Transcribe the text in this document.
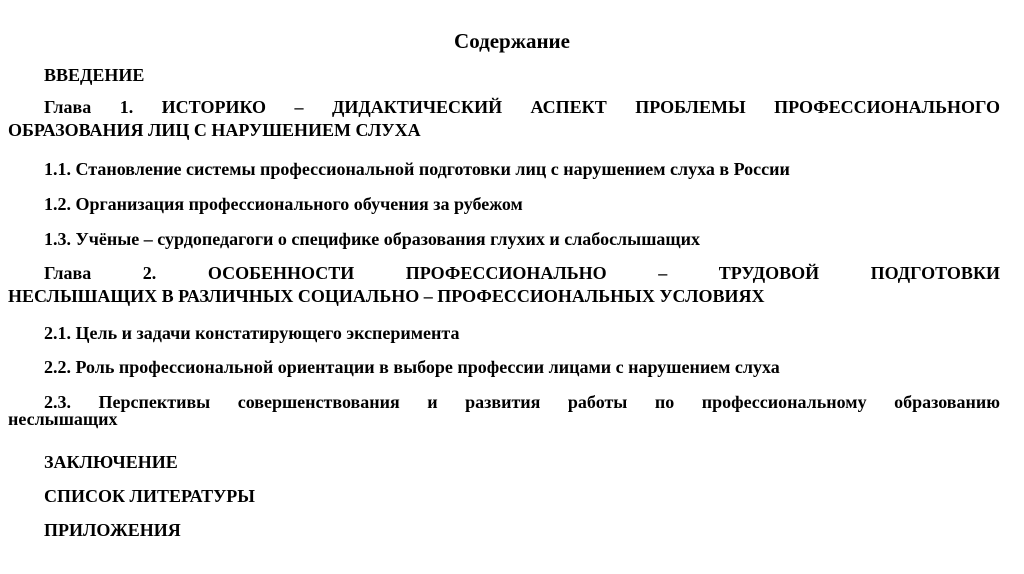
Содержание
ВВЕДЕНИЕ
Глава 1. ИСТОРИКО – ДИДАКТИЧЕСКИЙ АСПЕКТ ПРОБЛЕМЫ ПРОФЕССИОНАЛЬНОГО
ОБРАЗОВАНИЯ ЛИЦ С НАРУШЕНИЕМ СЛУХА
1.1. Становление системы профессиональной подготовки лиц с нарушением слуха в России
1.2. Организация профессионального обучения за рубежом
1.3. Учёные – сурдопедагоги о специфике образования глухих и слабослышащих
Глава 2. ОСОБЕННОСТИ ПРОФЕССИОНАЛЬНО – ТРУДОВОЙ ПОДГОТОВКИ
НЕСЛЫШАЩИХ В РАЗЛИЧНЫХ СОЦИАЛЬНО – ПРОФЕССИОНАЛЬНЫХ УСЛОВИЯХ
2.1. Цель и задачи констатирующего эксперимента
2.2. Роль профессиональной ориентации в выборе профессии лицами с нарушением слуха
2.3. Перспективы совершенствования и развития работы по профессиональному образованию
неслышащих
ЗАКЛЮЧЕНИЕ
СПИСОК ЛИТЕРАТУРЫ
ПРИЛОЖЕНИЯ
